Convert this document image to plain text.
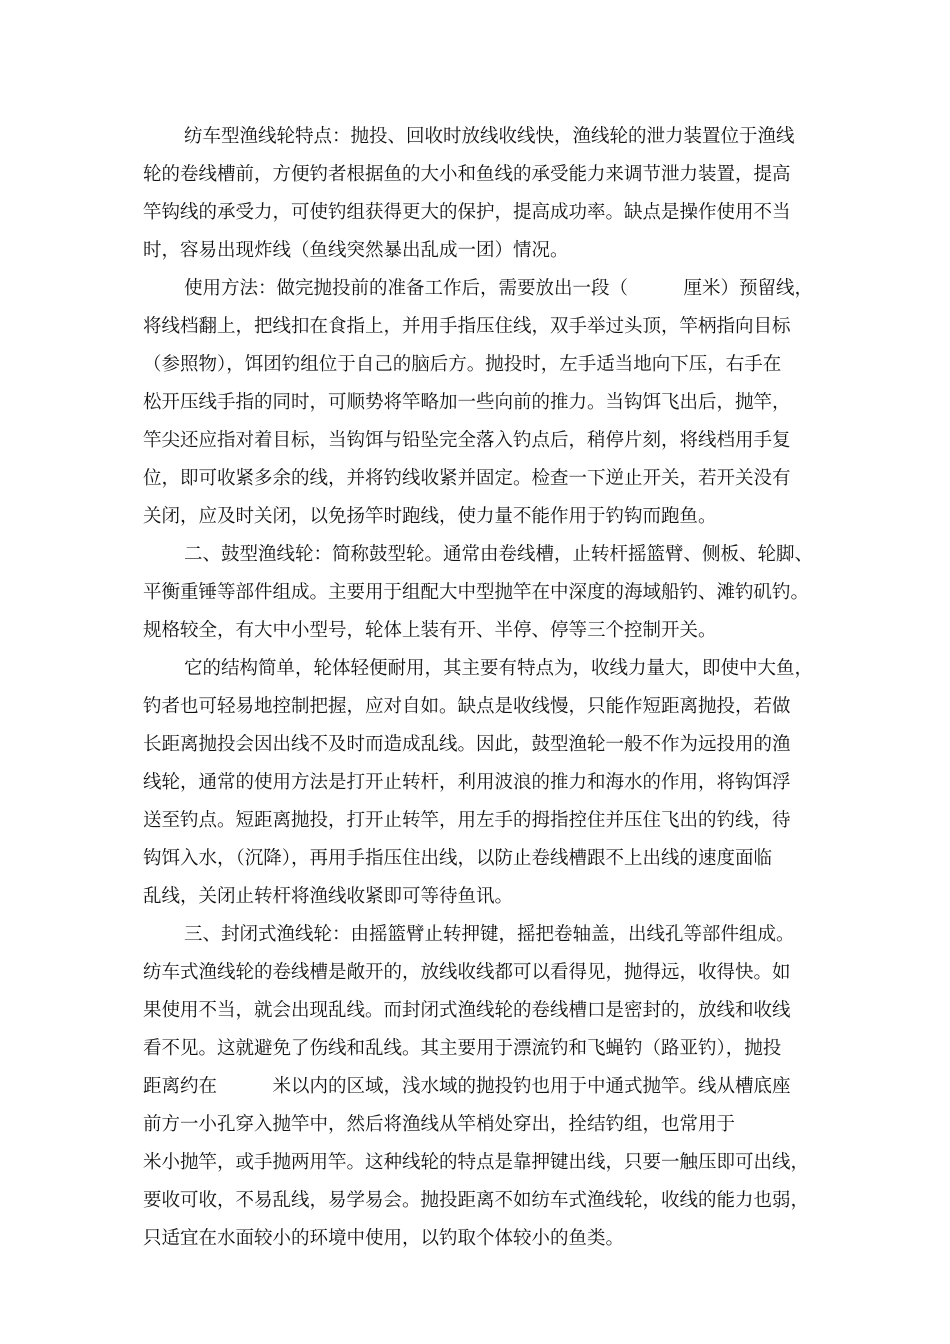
纺车型渔线轮特点：抛投、回收时放线收线快，渔线轮的泄力装置位于渔线
轮的卷线槽前，方便钓者根据鱼的大小和鱼线的承受能力来调节泄力装置，提高
竿钩线的承受力，可使钓组获得更大的保护，提高成功率。缺点是操作使用不当
时，容易出现炸线（鱼线突然暴出乱成一团）情况。
使用方法：做完抛投前的准备工作后，需要放出一段（　　　厘米）预留线，
将线档翻上，把线扣在食指上，并用手指压住线，双手举过头顶，竿柄指向目标
（参照物），饵团钓组位于自己的脑后方。抛投时，左手适当地向下压，右手在
松开压线手指的同时，可顺势将竿略加一些向前的推力。当钩饵飞出后，抛竿，
竿尖还应指对着目标，当钩饵与铅坠完全落入钓点后，稍停片刻，将线档用手复
位，即可收紧多余的线，并将钓线收紧并固定。检查一下逆止开关，若开关没有
关闭，应及时关闭，以免扬竿时跑线，使力量不能作用于钓钩而跑鱼。
二、鼓型渔线轮：简称鼓型轮。通常由卷线槽，止转杆摇篮臂、侧板、轮脚、
平衡重锤等部件组成。主要用于组配大中型抛竿在中深度的海域船钓、滩钓矶钓。
规格较全，有大中小型号，轮体上装有开、半停、停等三个控制开关。
它的结构简单，轮体轻便耐用，其主要有特点为，收线力量大，即使中大鱼，
钓者也可轻易地控制把握，应对自如。缺点是收线慢，只能作短距离抛投，若做
长距离抛投会因出线不及时而造成乱线。因此，鼓型渔轮一般不作为远投用的渔
线轮，通常的使用方法是打开止转杆，利用波浪的推力和海水的作用，将钩饵浮
送至钓点。短距离抛投，打开止转竿，用左手的拇指控住并压住飞出的钓线，待
钩饵入水，（沉降），再用手指压住出线，以防止卷线槽跟不上出线的速度面临
乱线，关闭止转杆将渔线收紧即可等待鱼讯。
三、封闭式渔线轮：由摇篮臂止转押键，摇把卷轴盖，出线孔等部件组成。
纺车式渔线轮的卷线槽是敞开的，放线收线都可以看得见，抛得远，收得快。如
果使用不当，就会出现乱线。而封闭式渔线轮的卷线槽口是密封的，放线和收线
看不见。这就避免了伤线和乱线。其主要用于漂流钓和飞蝇钓（路亚钓），抛投
距离约在　　　米以内的区域，浅水域的抛投钓也用于中通式抛竿。线从槽底座
前方一小孔穿入抛竿中，然后将渔线从竿梢处穿出，拴结钓组，也常用于
米小抛竿，或手抛两用竿。这种线轮的特点是靠押键出线，只要一触压即可出线，
要收可收，不易乱线，易学易会。抛投距离不如纺车式渔线轮，收线的能力也弱，
只适宜在水面较小的环境中使用，以钓取个体较小的鱼类。
